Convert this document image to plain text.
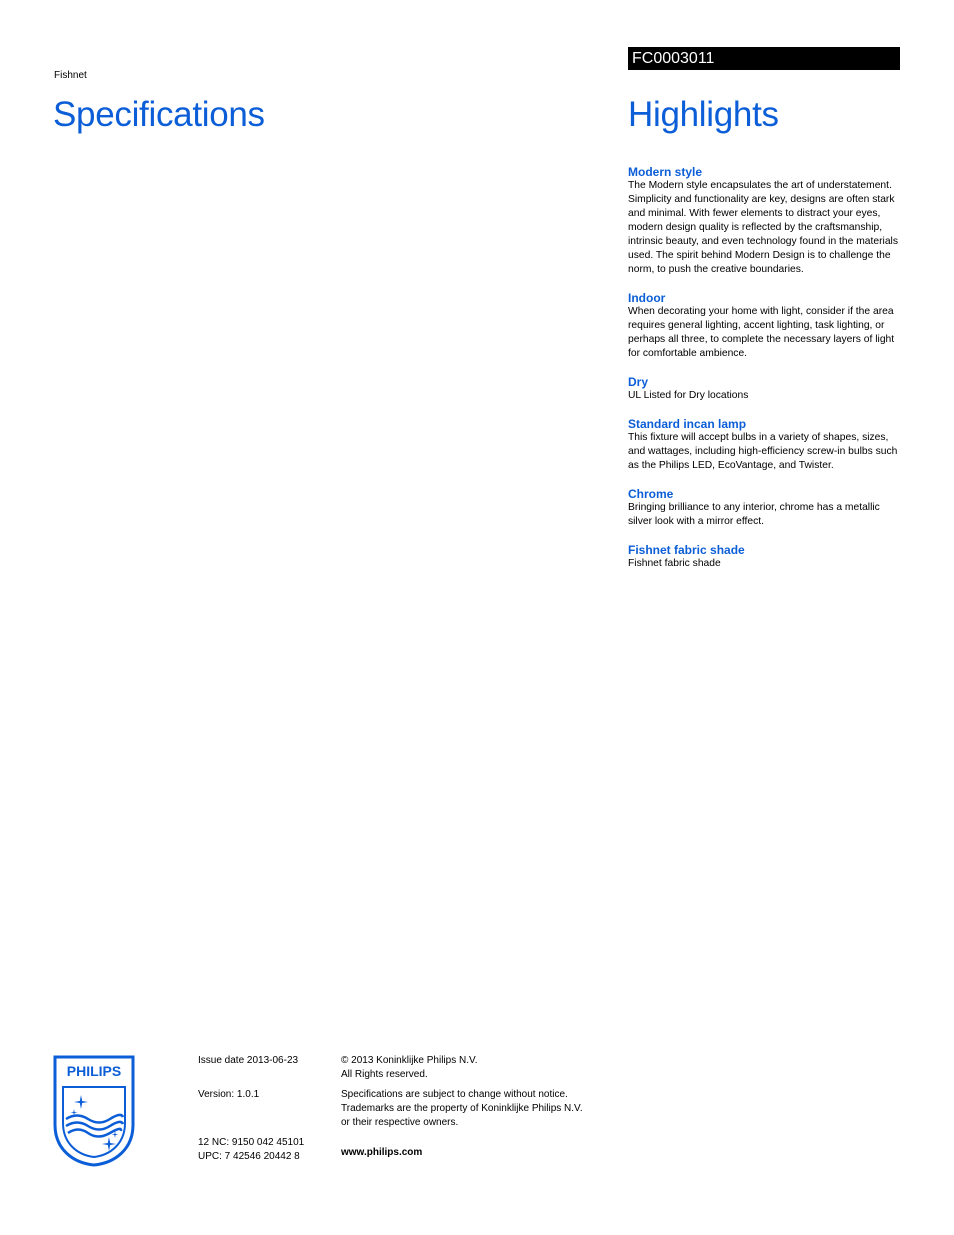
Fishnet
Specifications
FC0003011
Highlights
Modern style
The Modern style encapsulates the art of understatement. Simplicity and functionality are key, designs are often stark and minimal. With fewer elements to distract your eyes, modern design quality is reflected by the craftsmanship, intrinsic beauty, and even technology found in the materials used. The spirit behind Modern Design is to challenge the norm, to push the creative boundaries.
Indoor
When decorating your home with light, consider if the area requires general lighting, accent lighting, task lighting, or perhaps all three, to complete the necessary layers of light for comfortable ambience.
Dry
UL Listed for Dry locations
Standard incan lamp
This fixture will accept bulbs in a variety of shapes, sizes, and wattages, including high-efficiency screw-in bulbs such as the Philips LED, EcoVantage, and Twister.
Chrome
Bringing brilliance to any interior, chrome has a metallic silver look with a mirror effect.
Fishnet fabric shade
Fishnet fabric shade
PHILIPS

Issue date 2013-06-23

Version: 1.0.1

12 NC: 9150 042 45101

UPC: 7 42546 20442 8

© 2013 Koninklijke Philips N.V.
All Rights reserved.
Specifications are subject to change without notice.
Trademarks are the property of Koninklijke Philips N.V.
or their respective owners.
www.philips.com
